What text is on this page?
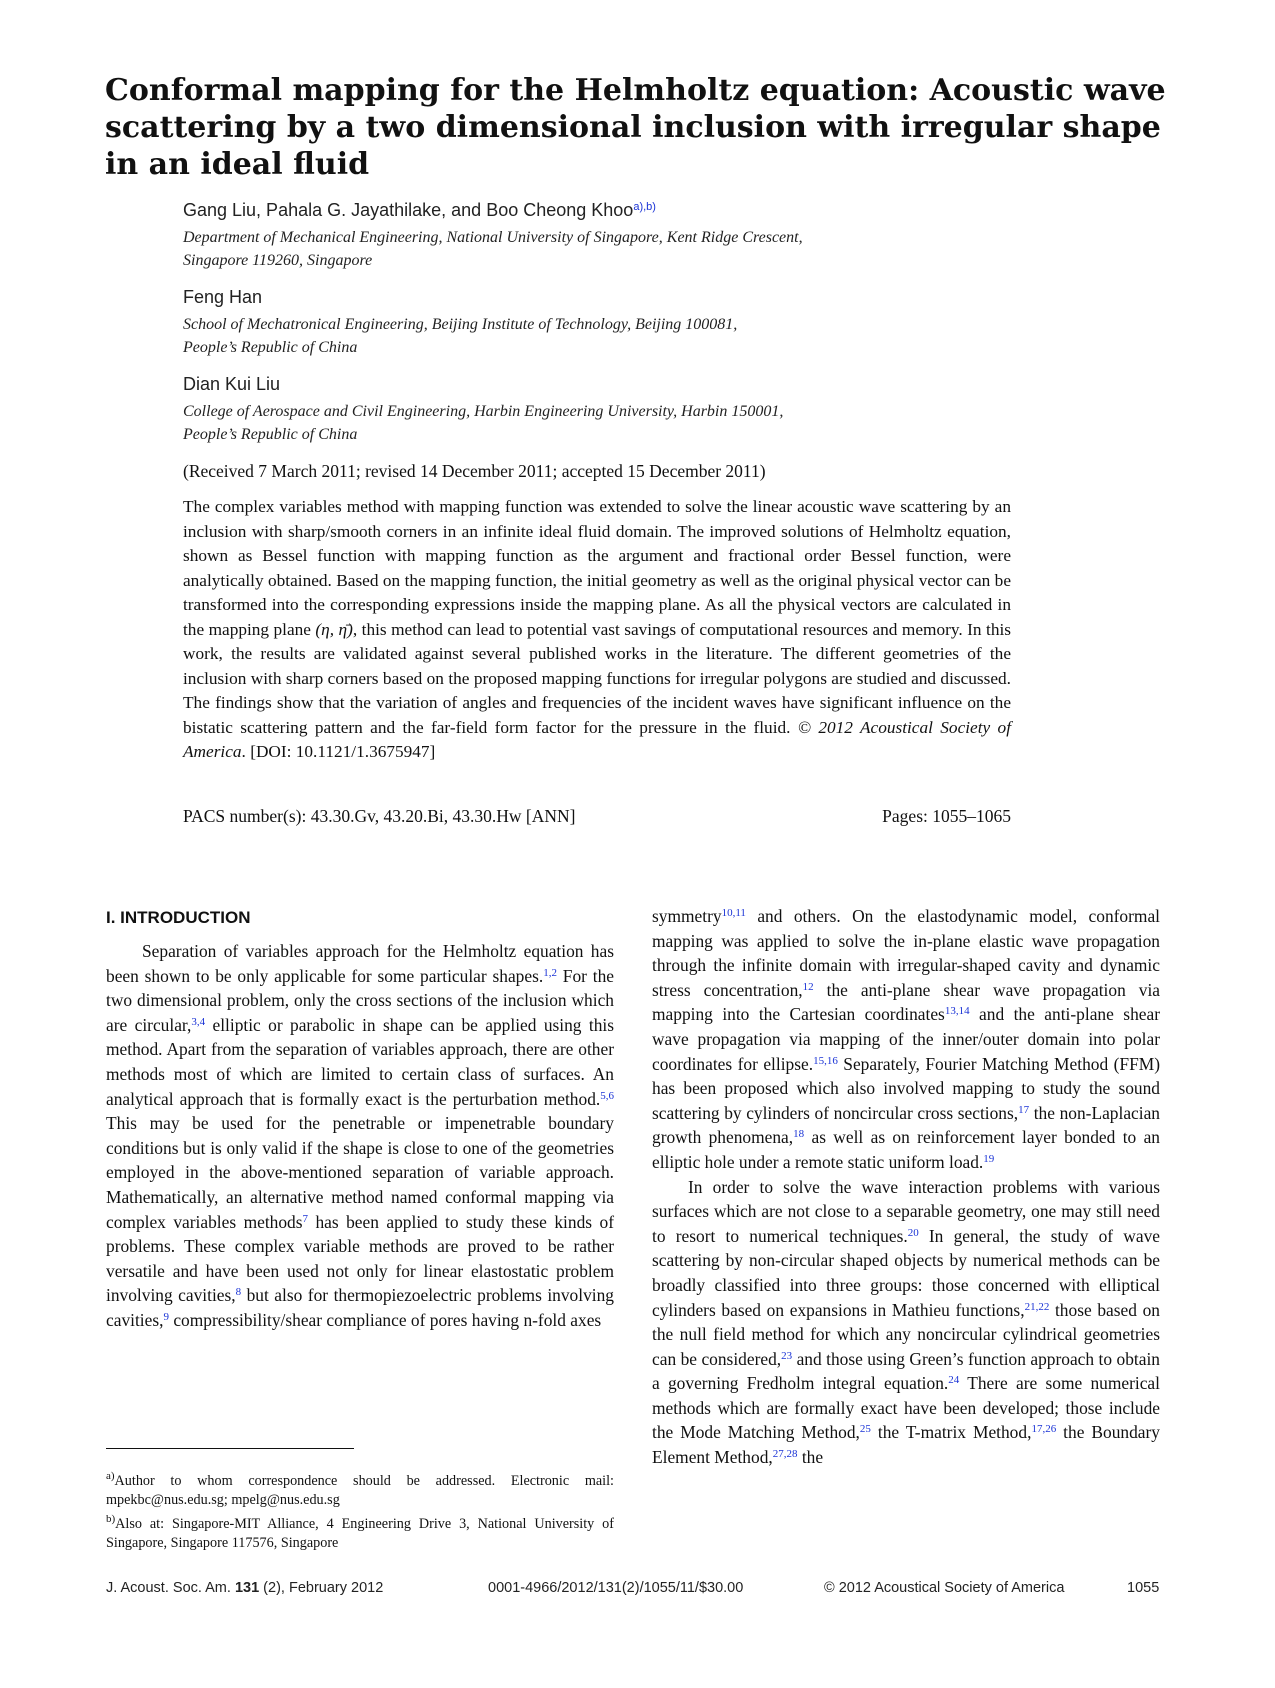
Conformal mapping for the Helmholtz equation: Acoustic wave scattering by a two dimensional inclusion with irregular shape in an ideal fluid
Gang Liu, Pahala G. Jayathilake, and Boo Cheong Khoo$^{a),b)}$
Department of Mechanical Engineering, National University of Singapore, Kent Ridge Crescent,
Singapore 119260, Singapore
Feng Han
School of Mechatronical Engineering, Beijing Institute of Technology, Beijing 100081,
People’s Republic of China
Dian Kui Liu
College of Aerospace and Civil Engineering, Harbin Engineering University, Harbin 150001,
People’s Republic of China
(Received 7 March 2011; revised 14 December 2011; accepted 15 December 2011)
The complex variables method with mapping function was extended to solve the linear acoustic wave scattering by an inclusion with sharp/smooth corners in an infinite ideal fluid domain. The improved solutions of Helmholtz equation, shown as Bessel function with mapping function as the argument and fractional order Bessel function, were analytically obtained. Based on the mapping function, the initial geometry as well as the original physical vector can be transformed into the corresponding expressions inside the mapping plane. As all the physical vectors are calculated in the mapping plane (η, η̄), this method can lead to potential vast savings of computational resources and memory. In this work, the results are validated against several published works in the literature. The different geometries of the inclusion with sharp corners based on the proposed mapping functions for irregular polygons are studied and discussed. The findings show that the variation of angles and frequencies of the incident waves have significant influence on the bistatic scattering pattern and the far-field form factor for the pressure in the fluid. © 2012 Acoustical Society of America. [DOI: 10.1121/1.3675947]
PACS number(s): 43.30.Gv, 43.20.Bi, 43.30.Hw [ANN]	Pages: 1055–1065
I. INTRODUCTION

Separation of variables approach for the Helmholtz equation has been shown to be only applicable for some particular shapes.$^{1,2}$ For the two dimensional problem, only the cross sections of the inclusion which are circular,$^{3,4}$ elliptic or parabolic in shape can be applied using this method. Apart from the separation of variables approach, there are other methods most of which are limited to certain class of surfaces. An analytical approach that is formally exact is the perturbation method.$^{5,6}$ This may be used for the penetrable or impenetrable boundary conditions but is only valid if the shape is close to one of the geometries employed in the above-mentioned separation of variable approach. Mathematically, an alternative method named conformal mapping via complex variables methods$^7$ has been applied to study these kinds of problems. These complex variable methods are proved to be rather versatile and have been used not only for linear elastostatic problem involving cavities,$^8$ but also for thermopiezoelectric problems involving cavities,$^9$ compressibility/shear compliance of pores having n-fold axes

symmetry$^{10,11}$ and others. On the elastodynamic model, conformal mapping was applied to solve the in-plane elastic wave propagation through the infinite domain with irregular-shaped cavity and dynamic stress concentration,$^{12}$ the anti-plane shear wave propagation via mapping into the Cartesian coordinates$^{13,14}$ and the anti-plane shear wave propagation via mapping of the inner/outer domain into polar coordinates for ellipse.$^{15,16}$ Separately, Fourier Matching Method (FFM) has been proposed which also involved mapping to study the sound scattering by cylinders of noncircular cross sections,$^{17}$ the non-Laplacian growth phenomena,$^{18}$ as well as on reinforcement layer bonded to an elliptic hole under a remote static uniform load.$^{19}$

In order to solve the wave interaction problems with various surfaces which are not close to a separable geometry, one may still need to resort to numerical techniques.$^{20}$ In general, the study of wave scattering by non-circular shaped objects by numerical methods can be broadly classified into three groups: those concerned with elliptical cylinders based on expansions in Mathieu functions,$^{21,22}$ those based on the null field method for which any noncircular cylindrical geometries can be considered,$^{23}$ and those using Green’s function approach to obtain a governing Fredholm integral equation.$^{24}$ There are some numerical methods which are formally exact have been developed; those include the Mode Matching Method,$^{25}$ the T-matrix Method,$^{17,26}$ the Boundary Element Method,$^{27,28}$ the

$^{a)}$Author to whom correspondence should be addressed. Electronic mail: mpekbc@nus.edu.sg; mpelg@nus.edu.sg
$^{b)}$Also at: Singapore-MIT Alliance, 4 Engineering Drive 3, National University of Singapore, Singapore 117576, Singapore
J. Acoust. Soc. Am. 131 (2), February 2012	0001-4966/2012/131(2)/1055/11/$30.00	© 2012 Acoustical Society of America	1055
